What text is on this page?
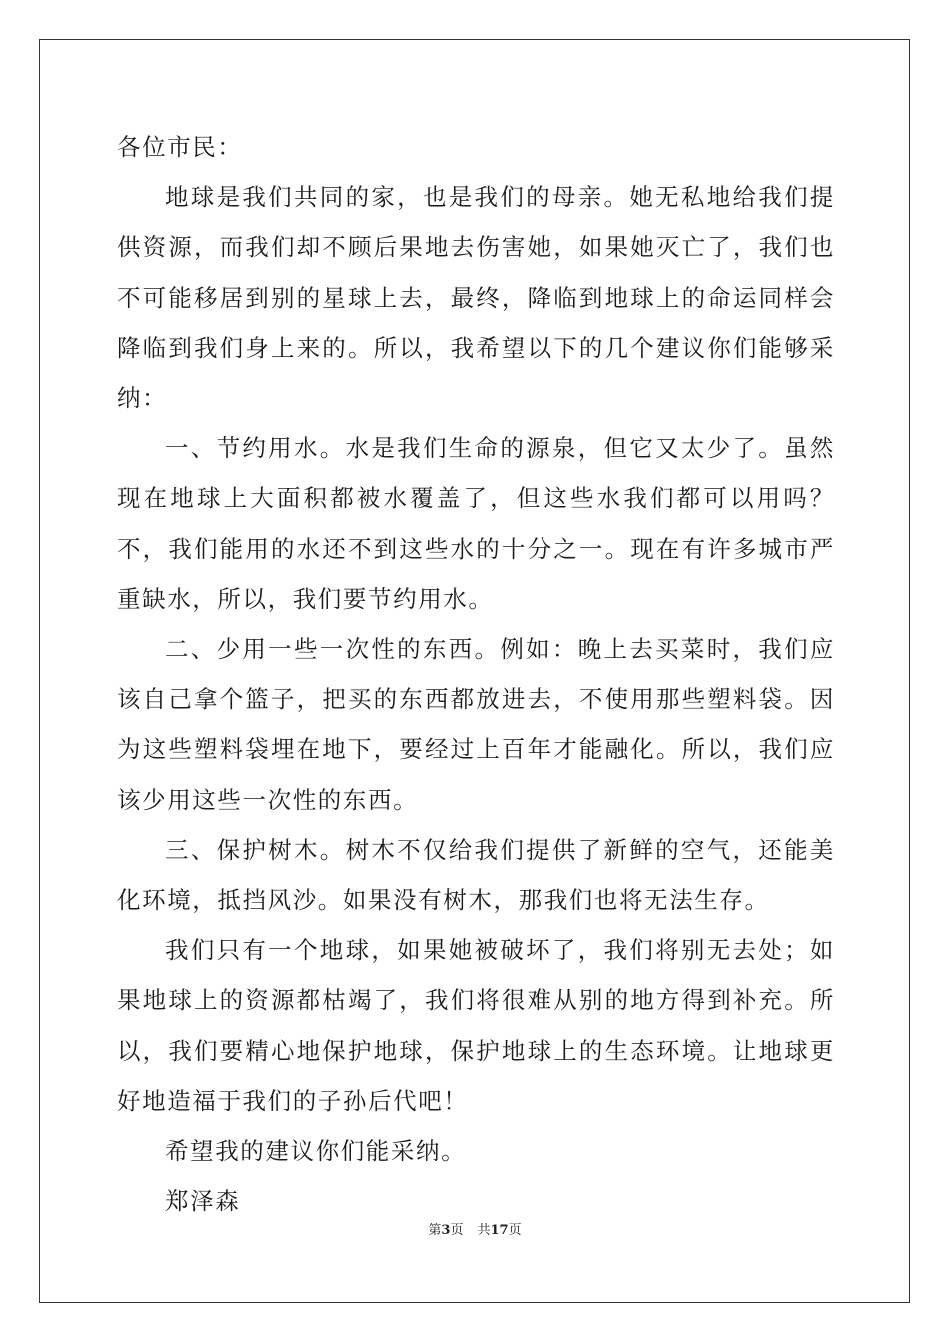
各位市民：

地球是我们共同的家，也是我们的母亲。她无私地给我们提供资源，而我们却不顾后果地去伤害她，如果她灭亡了，我们也不可能移居到别的星球上去，最终，降临到地球上的命运同样会降临到我们身上来的。所以，我希望以下的几个建议你们能够采纳：

一、节约用水。水是我们生命的源泉，但它又太少了。虽然现在地球上大面积都被水覆盖了，但这些水我们都可以用吗？不，我们能用的水还不到这些水的十分之一。现在有许多城市严重缺水，所以，我们要节约用水。

二、少用一些一次性的东西。例如：晚上去买菜时，我们应该自己拿个篮子，把买的东西都放进去，不使用那些塑料袋。因为这些塑料袋埋在地下，要经过上百年才能融化。所以，我们应该少用这些一次性的东西。

三、保护树木。树木不仅给我们提供了新鲜的空气，还能美化环境，抵挡风沙。如果没有树木，那我们也将无法生存。

我们只有一个地球，如果她被破坏了，我们将别无去处；如果地球上的资源都枯竭了，我们将很难从别的地方得到补充。所以，我们要精心地保护地球，保护地球上的生态环境。让地球更好地造福于我们的子孙后代吧！

希望我的建议你们能采纳。

郑泽森

第3页 共17页
